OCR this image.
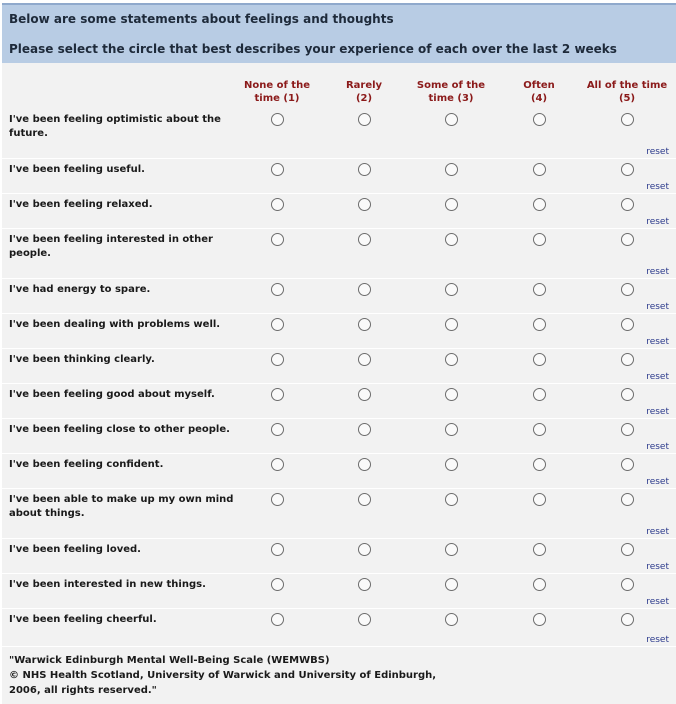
Below are some statements about feelings and thoughts
Please select the circle that best describes your experience of each over the last 2 weeks
None of the
time (1)
Rarely
(2)
Some of the
time (3)
Often
(4)
All of the time
(5)
I've been feeling optimistic about the future.
reset
I've been feeling useful.
reset
I've been feeling relaxed.
reset
I've been feeling interested in other people.
reset
I've had energy to spare.
reset
I've been dealing with problems well.
reset
I've been thinking clearly.
reset
I've been feeling good about myself.
reset
I've been feeling close to other people.
reset
I've been feeling confident.
reset
I've been able to make up my own mind about things.
reset
I've been feeling loved.
reset
I've been interested in new things.
reset
I've been feeling cheerful.
reset
"Warwick Edinburgh Mental Well-Being Scale (WEMWBS)
© NHS Health Scotland, University of Warwick and University of Edinburgh,
2006, all rights reserved."
